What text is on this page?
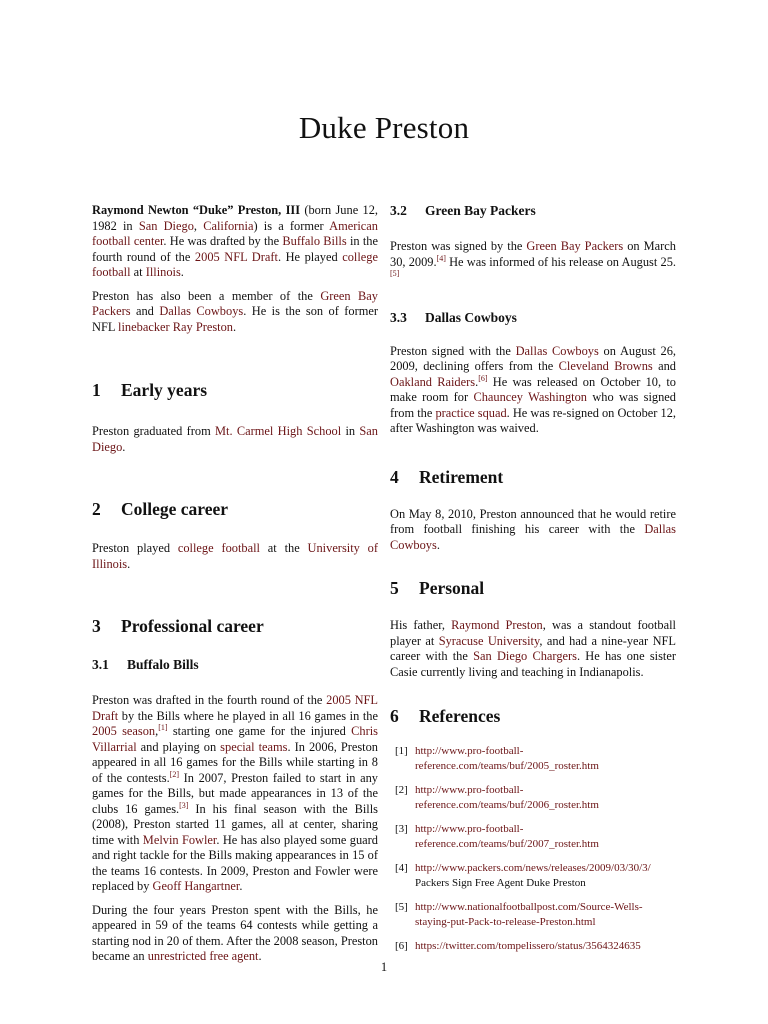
Duke Preston

Raymond Newton “Duke” Preston, III (born June 12, 1982 in San Diego, California) is a former American football center. He was drafted by the Buffalo Bills in the fourth round of the 2005 NFL Draft. He played college football at Illinois.

Preston has also been a member of the Green Bay Packers and Dallas Cowboys. He is the son of former NFL linebacker Ray Preston.

1 Early years

Preston graduated from Mt. Carmel High School in San Diego.

2 College career

Preston played college football at the University of Illinois.

3 Professional career
3.1 Buffalo Bills

Preston was drafted in the fourth round of the 2005 NFL Draft by the Bills where he played in all 16 games in the 2005 season,[1] starting one game for the injured Chris Villarrial and playing on special teams. In 2006, Preston appeared in all 16 games for the Bills while starting in 8 of the contests.[2] In 2007, Preston failed to start in any games for the Bills, but made appearances in 13 of the clubs 16 games.[3] In his final season with the Bills (2008), Preston started 11 games, all at center, sharing time with Melvin Fowler. He has also played some guard and right tackle for the Bills making appearances in 15 of the teams 16 contests. In 2009, Preston and Fowler were replaced by Geoff Hangartner.

During the four years Preston spent with the Bills, he appeared in 59 of the teams 64 contests while getting a starting nod in 20 of them. After the 2008 season, Preston became an unrestricted free agent.

3.2 Green Bay Packers

Preston was signed by the Green Bay Packers on March 30, 2009.[4] He was informed of his release on August 25.[5]

3.3 Dallas Cowboys

Preston signed with the Dallas Cowboys on August 26, 2009, declining offers from the Cleveland Browns and Oakland Raiders.[6] He was released on October 10, to make room for Chauncey Washington who was signed from the practice squad. He was re-signed on October 12, after Washington was waived.

4 Retirement

On May 8, 2010, Preston announced that he would retire from football finishing his career with the Dallas Cowboys.

5 Personal

His father, Raymond Preston, was a standout football player at Syracuse University, and had a nine-year NFL career with the San Diego Chargers. He has one sister Casie currently living and teaching in Indianapolis.

6 References
[1] http://www.pro-football-reference.com/teams/buf/2005_roster.htm
[2] http://www.pro-football-reference.com/teams/buf/2006_roster.htm
[3] http://www.pro-football-reference.com/teams/buf/2007_roster.htm
[4] http://www.packers.com/news/releases/2009/03/30/3/
Packers Sign Free Agent Duke Preston
[5] http://www.nationalfootballpost.com/Source-Wells-staying-put-Pack-to-release-Preston.html
[6] https://twitter.com/tompelissero/status/3564324635
1
